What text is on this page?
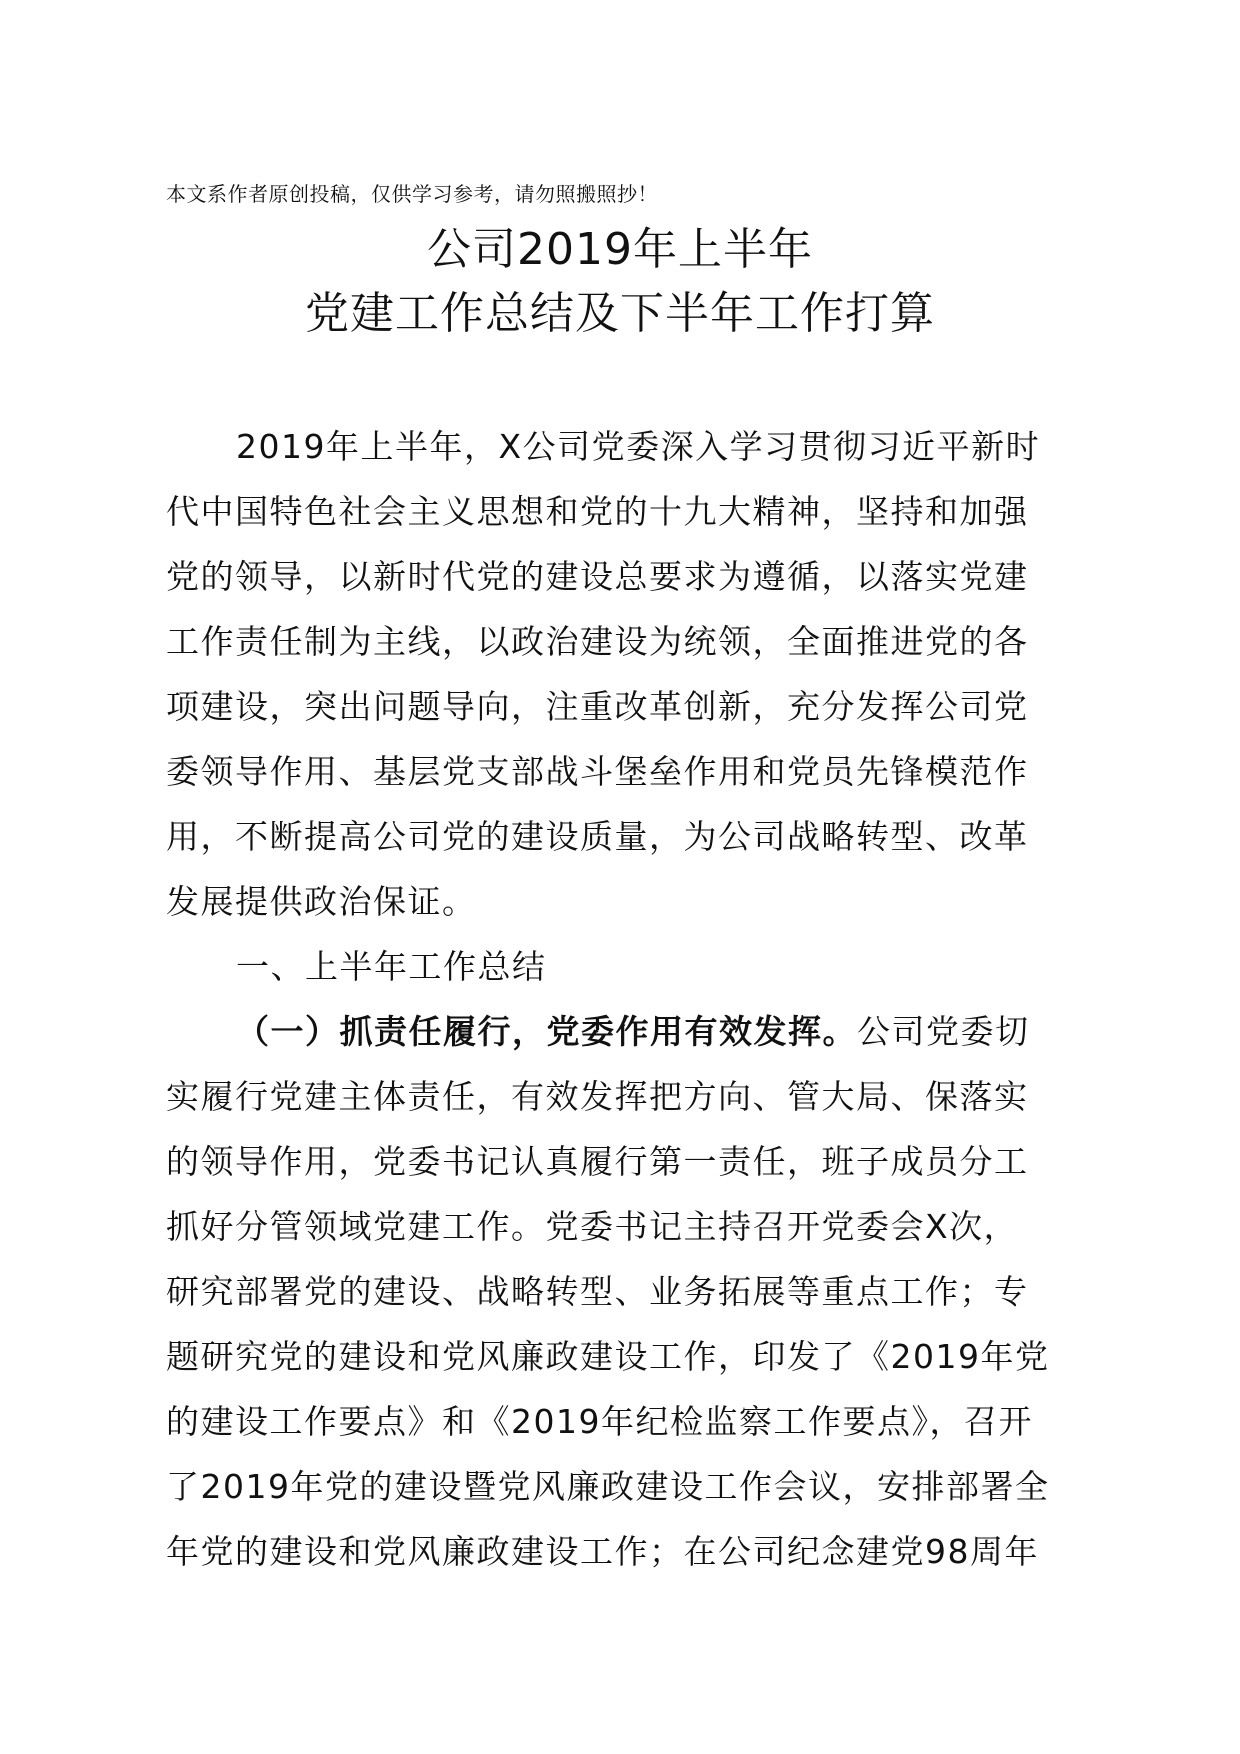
本文系作者原创投稿，仅供学习参考，请勿照搬照抄！
公司2019年上半年
党建工作总结及下半年工作打算
2019年上半年，X公司党委深入学习贯彻习近平新时
代中国特色社会主义思想和党的十九大精神，坚持和加强
党的领导，以新时代党的建设总要求为遵循，以落实党建
工作责任制为主线，以政治建设为统领，全面推进党的各
项建设，突出问题导向，注重改革创新，充分发挥公司党
委领导作用、基层党支部战斗堡垒作用和党员先锋模范作
用，不断提高公司党的建设质量，为公司战略转型、改革
发展提供政治保证。
一、上半年工作总结
（一）抓责任履行，党委作用有效发挥。公司党委切
实履行党建主体责任，有效发挥把方向、管大局、保落实
的领导作用，党委书记认真履行第一责任，班子成员分工
抓好分管领域党建工作。党委书记主持召开党委会X次，
研究部署党的建设、战略转型、业务拓展等重点工作；专
题研究党的建设和党风廉政建设工作，印发了《2019年党
的建设工作要点》和《2019年纪检监察工作要点》，召开
了2019年党的建设暨党风廉政建设工作会议，安排部署全
年党的建设和党风廉政建设工作；在公司纪念建党98周年
